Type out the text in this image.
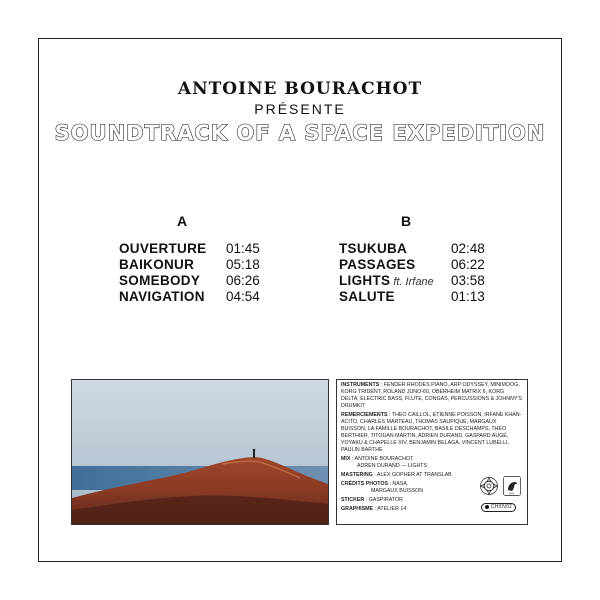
ANTOINE BOURACHOT
PRÉSENTE
SOUNDTRACK OF A SPACE EXPEDITION
A	B
OUVERTURE 01:45
BAIKONUR 05:18
SOMEBODY 06:26
NAVIGATION 04:54
TSUKUBA	02:48
PASSAGES	06:22
LIGHTS ft. Irfane 03:58
SALUTE	01:13
INSTRUMENTS : FENDER RHODES PIANO, ARP ODYSSEY, MINIMOOG, KORG TRIDENT, ROLAND JUNO-60, OBERHEIM MATRIX 6, KORG DELTA, ELECTRIC BASS, FLUTE, CONGAS, PERCUSSIONS & JOHNNY'S DRUMKIT
REMERCIEMENTS : THEO CAILLOL, ETIENNE POISSON, IRFANE KHAN-ACITO, CHARLES MARTEAU, THOMAS SAUPIQUE, MARGAUX BUISSON, LA FAMILLE BOURACHOT, BASILE DESCHAMPS, THEO BERTHIER, TITOUAN MARTIN, ADRIEN DURAND, GASPARD AUGÉ, YOYAKU & CHAPELLE XIV, BENJAMIN BELAGA, VINCENT LUBELLI, PAULIN BARTHE
MIX : ANTOINE BOURACHOT
ADREN DURAND — LIGHTS
MASTERING : ALEX GOPHER AT TRANSLAB
CRÉDITS PHOTOS : NASA
MARGAUX BUISSON
STICKER : GASPIRATOR
GRAPHISME : ATELIER 14
XIV
CHXIV02
